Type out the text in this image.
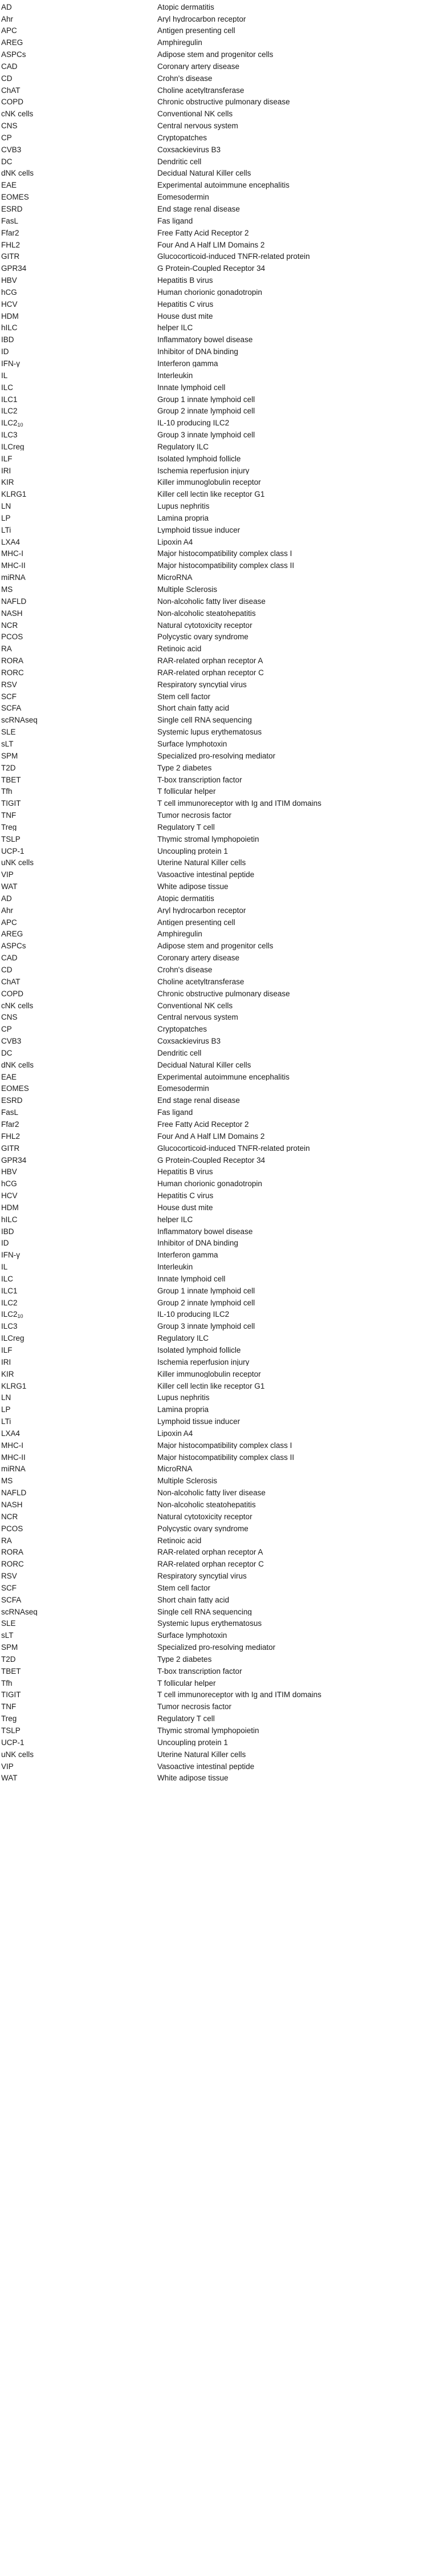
AD	Atopic dermatitis
Ahr	Aryl hydrocarbon receptor
APC	Antigen presenting cell
AREG	Amphiregulin
ASPCs	Adipose stem and progenitor cells
CAD	Coronary artery disease
CD	Crohn's disease
ChAT	Choline acetyltransferase
COPD	Chronic obstructive pulmonary disease
cNK cells	Conventional NK cells
CNS	Central nervous system
CP	Cryptopatches
CVB3	Coxsackievirus B3
DC	Dendritic cell
dNK cells	Decidual Natural Killer cells
EAE	Experimental autoimmune encephalitis
EOMES	Eomesodermin
ESRD	End stage renal disease
FasL	Fas ligand
Ffar2	Free Fatty Acid Receptor 2
FHL2	Four And A Half LIM Domains 2
GITR	Glucocorticoid-induced TNFR-related protein
GPR34	G Protein-Coupled Receptor 34
HBV	Hepatitis B virus
hCG	Human chorionic gonadotropin
HCV	Hepatitis C virus
HDM	House dust mite
hILC	helper ILC
IBD	Inflammatory bowel disease
ID	Inhibitor of DNA binding
IFN-γ	Interferon gamma
IL	Interleukin
ILC	Innate lymphoid cell
ILC1	Group 1 innate lymphoid cell
ILC2	Group 2 innate lymphoid cell
$ILC2_{10}$	IL-10 producing ILC2
ILC3	Group 3 innate lymphoid cell
ILCreg	Regulatory ILC
ILF	Isolated lymphoid follicle
IRI	Ischemia reperfusion injury
KIR	Killer immunoglobulin receptor
KLRG1	Killer cell lectin like receptor G1
LN	Lupus nephritis
LP	Lamina propria
LTi	Lymphoid tissue inducer
LXA4	Lipoxin A4
MHC-I	Major histocompatibility complex class I
MHC-II	Major histocompatibility complex class II
miRNA	MicroRNA
MS	Multiple Sclerosis
NAFLD	Non-alcoholic fatty liver disease
NASH	Non-alcoholic steatohepatitis
NCR	Natural cytotoxicity receptor
PCOS	Polycystic ovary syndrome
RA	Retinoic acid
RORA	RAR-related orphan receptor A
RORC	RAR-related orphan receptor C
RSV	Respiratory syncytial virus
SCF	Stem cell factor
SCFA	Short chain fatty acid
scRNAseq	Single cell RNA sequencing
SLE	Systemic lupus erythematosus
sLT	Surface lymphotoxin
SPM	Specialized pro-resolving mediator
T2D	Type 2 diabetes
TBET	T-box transcription factor
Tfh	T follicular helper
TIGIT	T cell immunoreceptor with Ig and ITIM domains
TNF	Tumor necrosis factor
Treg	Regulatory T cell
TSLP	Thymic stromal lymphopoietin
UCP-1	Uncoupling protein 1
uNK cells	Uterine Natural Killer cells
VIP	Vasoactive intestinal peptide
WAT	White adipose tissue
AD	Atopic dermatitis
Ahr	Aryl hydrocarbon receptor
APC	Antigen presenting cell
AREG	Amphiregulin
ASPCs	Adipose stem and progenitor cells
CAD	Coronary artery disease
CD	Crohn's disease
ChAT	Choline acetyltransferase
COPD	Chronic obstructive pulmonary disease
cNK cells	Conventional NK cells
CNS	Central nervous system
CP	Cryptopatches
CVB3	Coxsackievirus B3
DC	Dendritic cell
dNK cells	Decidual Natural Killer cells
EAE	Experimental autoimmune encephalitis
EOMES	Eomesodermin
ESRD	End stage renal disease
FasL	Fas ligand
Ffar2	Free Fatty Acid Receptor 2
FHL2	Four And A Half LIM Domains 2
GITR	Glucocorticoid-induced TNFR-related protein
GPR34	G Protein-Coupled Receptor 34
HBV	Hepatitis B virus
hCG	Human chorionic gonadotropin
HCV	Hepatitis C virus
HDM	House dust mite
hILC	helper ILC
IBD	Inflammatory bowel disease
ID	Inhibitor of DNA binding
IFN-γ	Interferon gamma
IL	Interleukin
ILC	Innate lymphoid cell
ILC1	Group 1 innate lymphoid cell
ILC2	Group 2 innate lymphoid cell
$ILC2_{10}$	IL-10 producing ILC2
ILC3	Group 3 innate lymphoid cell
ILCreg	Regulatory ILC
ILF	Isolated lymphoid follicle
IRI	Ischemia reperfusion injury
KIR	Killer immunoglobulin receptor
KLRG1	Killer cell lectin like receptor G1
LN	Lupus nephritis
LP	Lamina propria
LTi	Lymphoid tissue inducer
LXA4	Lipoxin A4
MHC-I	Major histocompatibility complex class I
MHC-II	Major histocompatibility complex class II
miRNA	MicroRNA
MS	Multiple Sclerosis
NAFLD	Non-alcoholic fatty liver disease
NASH	Non-alcoholic steatohepatitis
NCR	Natural cytotoxicity receptor
PCOS	Polycystic ovary syndrome
RA	Retinoic acid
RORA	RAR-related orphan receptor A
RORC	RAR-related orphan receptor C
RSV	Respiratory syncytial virus
SCF	Stem cell factor
SCFA	Short chain fatty acid
scRNAseq	Single cell RNA sequencing
SLE	Systemic lupus erythematosus
sLT	Surface lymphotoxin
SPM	Specialized pro-resolving mediator
T2D	Type 2 diabetes
TBET	T-box transcription factor
Tfh	T follicular helper
TIGIT	T cell immunoreceptor with Ig and ITIM domains
TNF	Tumor necrosis factor
Treg	Regulatory T cell
TSLP	Thymic stromal lymphopoietin
UCP-1	Uncoupling protein 1
uNK cells	Uterine Natural Killer cells
VIP	Vasoactive intestinal peptide
WAT	White adipose tissue
